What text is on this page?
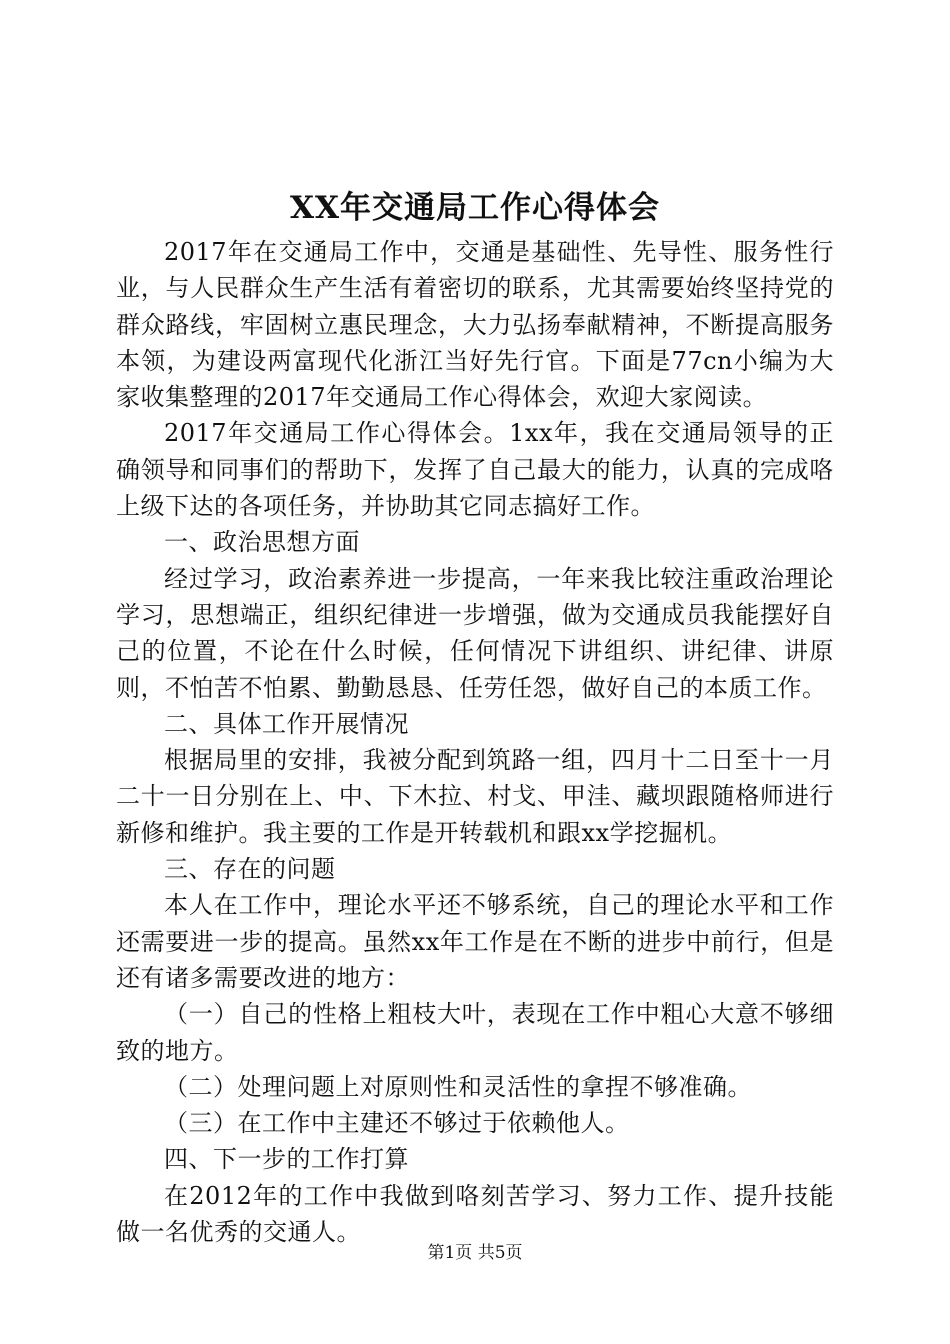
XX年交通局工作心得体会

2017年在交通局工作中，交通是基础性、先导性、服务性行业，与人民群众生产生活有着密切的联系，尤其需要始终坚持党的群众路线，牢固树立惠民理念，大力弘扬奉献精神，不断提高服务本领，为建设两富现代化浙江当好先行官。下面是77cn小编为大家收集整理的2017年交通局工作心得体会，欢迎大家阅读。

2017年交通局工作心得体会。1xx年，我在交通局领导的正确领导和同事们的帮助下，发挥了自己最大的能力，认真的完成咯上级下达的各项任务，并协助其它同志搞好工作。

一、政治思想方面

经过学习，政治素养进一步提高，一年来我比较注重政治理论学习，思想端正，组织纪律进一步增强，做为交通成员我能摆好自己的位置，不论在什么时候，任何情况下讲组织、讲纪律、讲原则，不怕苦不怕累、勤勤恳恳、任劳任怨，做好自己的本质工作。

二、具体工作开展情况

根据局里的安排，我被分配到筑路一组，四月十二日至十一月二十一日分别在上、中、下木拉、村戈、甲洼、藏坝跟随格师进行新修和维护。我主要的工作是开转载机和跟xx学挖掘机。

三、存在的问题

本人在工作中，理论水平还不够系统，自己的理论水平和工作还需要进一步的提高。虽然xx年工作是在不断的进步中前行，但是还有诸多需要改进的地方：

（一）自己的性格上粗枝大叶，表现在工作中粗心大意不够细致的地方。

（二）处理问题上对原则性和灵活性的拿捏不够准确。

（三）在工作中主建还不够过于依赖他人。

四、下一步的工作打算

在2012年的工作中我做到咯刻苦学习、努力工作、提升技能做一名优秀的交通人。

第1页 共5页
